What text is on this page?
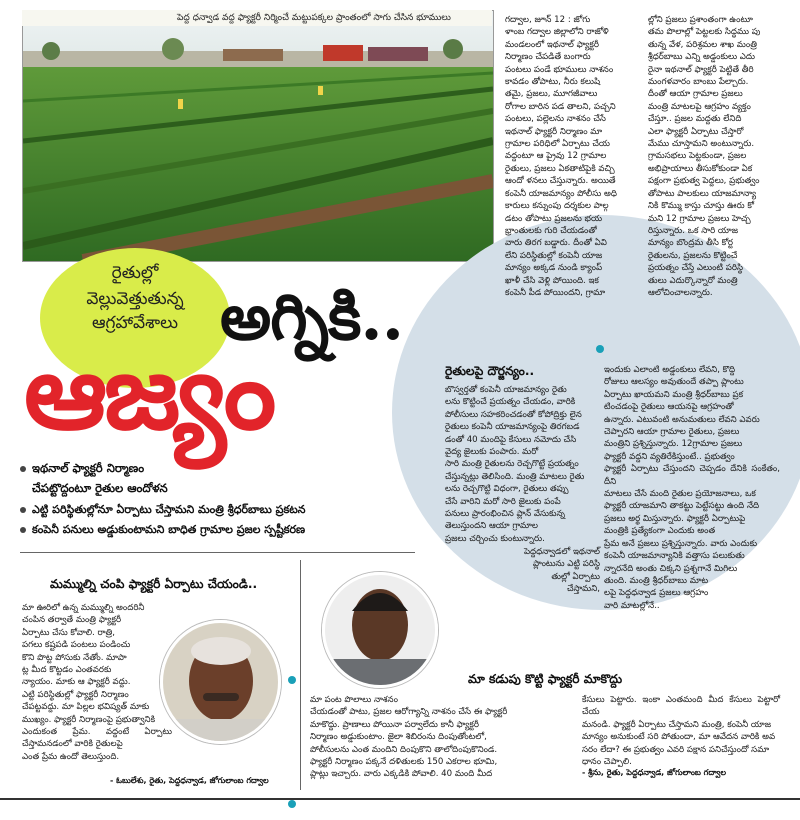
పెద్ద ధన్వాడ వద్ద ఫ్యాక్టరీ నిర్మించే మట్టుపక్కల ప్రాంతంలో సాగు చేసిన భూములు	గద్వాల, జూన్ 12 : జోగు
ళాంబ గద్వాల జిల్లాలోని రాజోళి
మండలంలో ఇథనాల్ ఫ్యాక్టరీ
నిర్మాణం చేపడితే బంగారు
పంటలు పండే భూములు నాశనం
కావడం తోపాటు, నీరు కలుషి
తమై, ప్రజలు, మూగజీవాలు
రోగాల బారిన పడ తాలని, పచ్చని
పంటలు, పల్లెలను నాశనం చేసే
ఇథనాల్ ఫ్యాక్టరీ నిర్మాణం మా
గ్రామాల పరిధిలో ఏర్పాటు చేయ
వద్దంటూ ఆ ప్రైవు 12 గ్రామాల
రైతులు, ప్రజలు ఏకతాటిపైకి వచ్చి
ఆందో ళనలు చేస్తున్నారు. అయితే
కంపెనీ యాజమాన్యం పోలీసు అధి
కారులు కన్నుంపు దర్శకుల పాల్గ
డటం తోపాటు ప్రజలను భయ
భ్రాంతులకు గురి చేయడంతో
వారు తిరగ బడ్డారు. దీంతో ఏవి
లేని పరిస్థితుల్లో కంపెనీ యాజ
మాన్యం అక్కడ నుండి క్యాంప్
ఖాళీ చేసి వెళ్లి పోయింది. ఇక
కంపెనీ పీడ పోయిందని, గ్రామా
ల్లోని ప్రజలు ప్రశాంతంగా ఉంటూ
తమ పొలాల్లో పెట్టలకు సిద్ధము పు
తున్న వేళ, పరిశ్రమల శాఖ మంత్రి
శ్రీధర్‌బాబు ఎన్ని అడ్డంకులు ఎదు
రైనా ఇథనాల్ ఫ్యాక్టరీ పెట్టితే తీరి
మంగళవారం బాంబు పేల్చారు.
దీంతో ఆయా గ్రామాల ప్రజలు
మంత్రి మాటలపై ఆగ్రహం వ్యక్తం
చేస్తూ.. ప్రజల మద్దతు లేనిది
ఎలా ఫ్యాక్టరీ ఏర్పాటు చేస్తారో
మేము చూస్తామని అంటున్నారు.
గ్రామసభలు పెట్టకుండా, ప్రజల
అభిప్రాయాలు తీసుకోకుండా ఏక
పక్షంగా ప్రభుత్వ పెద్దలు, ప్రభుత్వం
తోపాటు పాలకులు యాజమాన్యా
నికి కొమ్ము కాస్తు చూస్తు ఊరు కో
మని 12 గ్రామాల ప్రజలు హెచ్చ
రిస్తున్నారు. ఒక సారి యాజ
మాన్యం బొంద్రమ తీసి కోర్ట
రైతులను, ప్రజలను కొట్టించే
ప్రయత్నం చేస్తే ఎలుంటి పరిస్థి
తులు ఎదుర్కొన్నారో మంత్రి
ఆలోచించాలన్నారు.
రైతుల్లో
వెల్లువెత్తుతున్న
ఆగ్రహావేశాలు అగ్నికి..
ఆజ్యం
ఇథనాల్ ఫ్యాక్టరీ నిర్మాణం
చేపట్టొద్దంటూ రైతుల ఆందోళన
ఎట్టి పరిస్థితుల్లోనూ ఏర్పాటు చేస్తామని మంత్రి శ్రీధర్‌బాబు ప్రకటన
కంపెనీ పనులు అడ్డుకుంటామని బాధిత గ్రామాల ప్రజల స్పష్టీకరణ
రైతులపై దౌర్జన్యం..
బొస్వర్తతో కంపెనీ యాజమాన్యం రైతు
లను కొట్టించే ప్రయత్నం చేయడం, వారికి
పోలీసులు సహకరించడంతో కోపోద్రిక్తు లైన
రైతులు కంపెనీ యాజమాన్యంపై తిరగబడ
డంతో 40 మందిపై కేసులు నమోదు చేసి
వైద్య జైలుకు పంపారు. మరో
సారి మంత్రి రైతులను రెచ్చగొట్టే ప్రయత్నం
చేస్తున్నట్లు తెలిసింది. మంత్రి మాటలు రైతు
లను రెచ్చగొట్టి విధంగా, రైతులు తప్పు
చేసే వారిని మరో సారి జైలుకు పంపే
పనులు ప్రారంభించిన ప్లాన్ వేసుకున్న
తెలుస్తుందని ఆయా గ్రామాల
ప్రజలు చర్చించు కుంటున్నారు.
పెద్దధన్వాడలో ఇథనాల్
ప్లాంటును ఎట్టి పరిస్థి
తుల్లో ఏర్పాటు
చేస్తామని,
ఇందుకు ఎలాంటి అడ్డంకులు లేవని, కొద్ది
రోజులు ఆలస్యం అవుతుందే తప్పా ప్లాంటు
ఏర్పాటు ఖాయమని మంత్రి శ్రీధర్‌బాబు ప్రక
టించడంపై రైతులు ఆయనపై ఆగ్రహంతో
ఉన్నారు. ఎటువంటి అనుమతులు లేవని ఎవరు
చెప్పారని ఆయా గ్రామాల రైతులు, ప్రజలు
మంత్రిని ప్రశ్నిస్తున్నారు. 12గ్రామాల ప్రజలు
ఫ్యాక్టరీ వద్దని వ్యతిరేకిస్తుంటే.. ప్రభుత్వం
ఫ్యాక్టరీ ఏర్పాటు చేస్తుందని చెప్పడం దేనికి సంకేతం, దీని
మాటలు చేసే మంది రైతుల ప్రయోజనాలు, ఒక
ఫ్యాక్టరీ యాజమాని తాకట్టు పెట్టేసట్టు ఉంది నేది
ప్రజలు అర్థ మిస్తున్నారు. ఫ్యాక్టరీ ఏర్పాటుపై
మంత్రికి ప్రత్యేకంగా ఎందుకు అంత
ప్రేమ అనే ప్రజలు ప్రశ్నిస్తున్నారు. వారు ఎందుకు
కంపెనీ యాజమాన్యానికి వత్తాసు పలుకుతు
న్నారనేది అంతు చిక్కని ప్రశ్నగానే మిగిలు
తుంది. మంత్రి శ్రీధర్‌బాబు మాట
లపై పెద్దధన్వాడ ప్రజలు ఆగ్రహం
వారి మాటల్లోనే..
మమ్ముల్ని చంపి ఫ్యాక్టరీ ఏర్పాటు చేయండి..
మా ఊరిలో ఉన్న మమ్ముల్ని అందరినీ
చంపిన తర్వాతే మంత్రి ఫ్యాక్టరీ
ఏర్పాటు చేసు కోవాలి. రాత్రి,
పగలు కష్టపడి పంటలు పండించు
కొని పొట్ట పోసుకు నేతోం. మాపా
ట్ల మీద కొట్టడం ఎంతవరకు
న్యాయం. మాకు ఆ ఫ్యాక్టరీ వద్దు.
ఎట్టి పరిస్థితుల్లో ఫ్యాక్టరీ నిర్మాణం
చేపట్టవద్దు. మా పిల్లల భవిష్యత్ మాకు
ముఖ్యం. ఫ్యాక్టరీ నిర్మాణంపై ప్రభుత్వానికి
ఎందుకంత ప్రేమ. వద్దంటే ఏర్పాటు చేస్తామనడంలో వారికి రైతులపై
ఎంత ప్రేమ ఉందో తెలుస్తుంది.
- ఓబులేశు, రైతు, పెద్దధన్వాడ, జోగులాంబ గద్వాల
మా కడుపు కొట్టి ఫ్యాక్టరీ మాకొద్దు
మా పంట పొలాలు నాశనం
చేయడంతో పాటు, ప్రజల ఆరోగ్యాన్ని నాశనం చేసే ఈ ఫ్యాక్టరీ
మాకొద్దు. ప్రాణాలు పోయినా పర్వాలేదు కానీ ఫ్యాక్టరీ
నిర్మాణం అడ్డుకుంటాం. జైలా శిబిరంను దింపుతోంటలో,
పోలీసులను ఎంత మందిని దింపుకొని తాలోదింపుకొనిండ.
ఫ్యాక్టరీ నిర్మాణం పక్కనే దళితులకు 150 ఎకరాల భూమి,
ప్లాట్లు ఇచ్చారు. వారు ఎక్కడికి పోవాలి. 40 మంది మీద
కేసులు పెట్టారు. ఇంకా ఎంతమంది మీద కేసులు పెట్టారో చేయ
మనండి. ఫ్యాక్టరీ ఏర్పాటు చేస్తామని మంత్రి, కంపెనీ యాజ
మాన్యం అనుకుంటే సరి పోతుందా, మా ఆవేదన వారికి అవ
సరం లేదా? ఈ ప్రభుత్వం ఎవరి పక్షాన పనిచేస్తుందో సమా
ధానం చెప్పాలి.
- శ్రీను, రైతు, పెద్దధన్వాడ, జోగులాంబ గద్వాల
